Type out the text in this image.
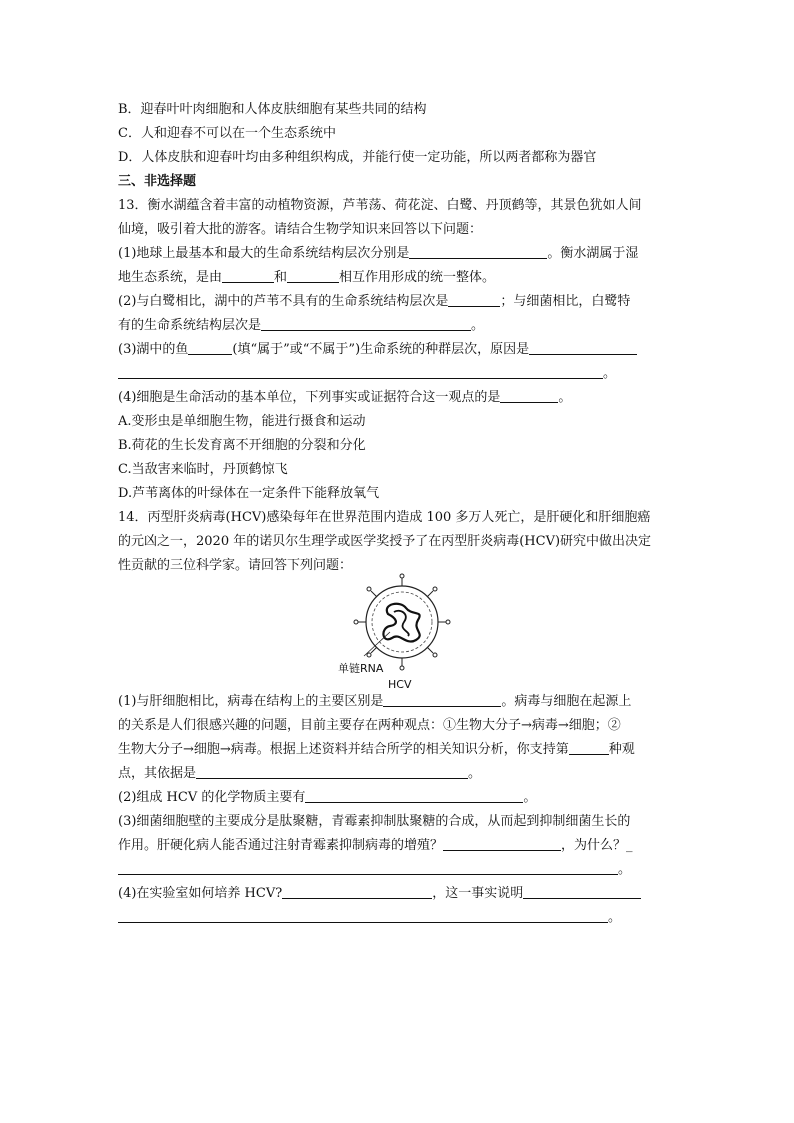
B．迎春叶叶肉细胞和人体皮肤细胞有某些共同的结构
C．人和迎春不可以在一个生态系统中
D．人体皮肤和迎春叶均由多种组织构成，并能行使一定功能，所以两者都称为器官
三、非选择题
13．衡水湖蕴含着丰富的动植物资源，芦苇荡、荷花淀、白鹭、丹顶鹤等，其景色犹如人间
仙境，吸引着大批的游客。请结合生物学知识来回答以下问题：
(1)地球上最基本和最大的生命系统结构层次分别是	。衡水湖属于湿
地生态系统，是由	和	相互作用形成的统一整体。
(2)与白鹭相比，湖中的芦苇不具有的生命系统结构层次是	；与细菌相比，白鹭特
有的生命系统结构层次是	。
(3)湖中的鱼	(填“属于”或“不属于”)生命系统的种群层次，原因是
。
(4)细胞是生命活动的基本单位，下列事实或证据符合这一观点的是	。
A.变形虫是单细胞生物，能进行摄食和运动
B.荷花的生长发育离不开细胞的分裂和分化
C.当敌害来临时，丹顶鹤惊飞
D.芦苇离体的叶绿体在一定条件下能释放氧气
14．丙型肝炎病毒(HCV)感染每年在世界范围内造成 100 多万人死亡，是肝硬化和肝细胞癌
的元凶之一，2020 年的诺贝尔生理学或医学奖授予了在丙型肝炎病毒(HCV)研究中做出决定
性贡献的三位科学家。请回答下列问题：
单链RNA
HCV
(1)与肝细胞相比，病毒在结构上的主要区别是	。病毒与细胞在起源上
的关系是人们很感兴趣的问题，目前主要存在两种观点：①生物大分子→病毒→细胞；②
生物大分子→细胞→病毒。根据上述资料并结合所学的相关知识分析，你支持第	种观
点，其依据是	。
(2)组成 HCV 的化学物质主要有	。
(3)细菌细胞壁的主要成分是肽聚糖，青霉素抑制肽聚糖的合成，从而起到抑制细菌生长的
作用。肝硬化病人能否通过注射青霉素抑制病毒的增殖？	，为什么？_
。
(4)在实验室如何培养 HCV?	，这一事实说明
。
